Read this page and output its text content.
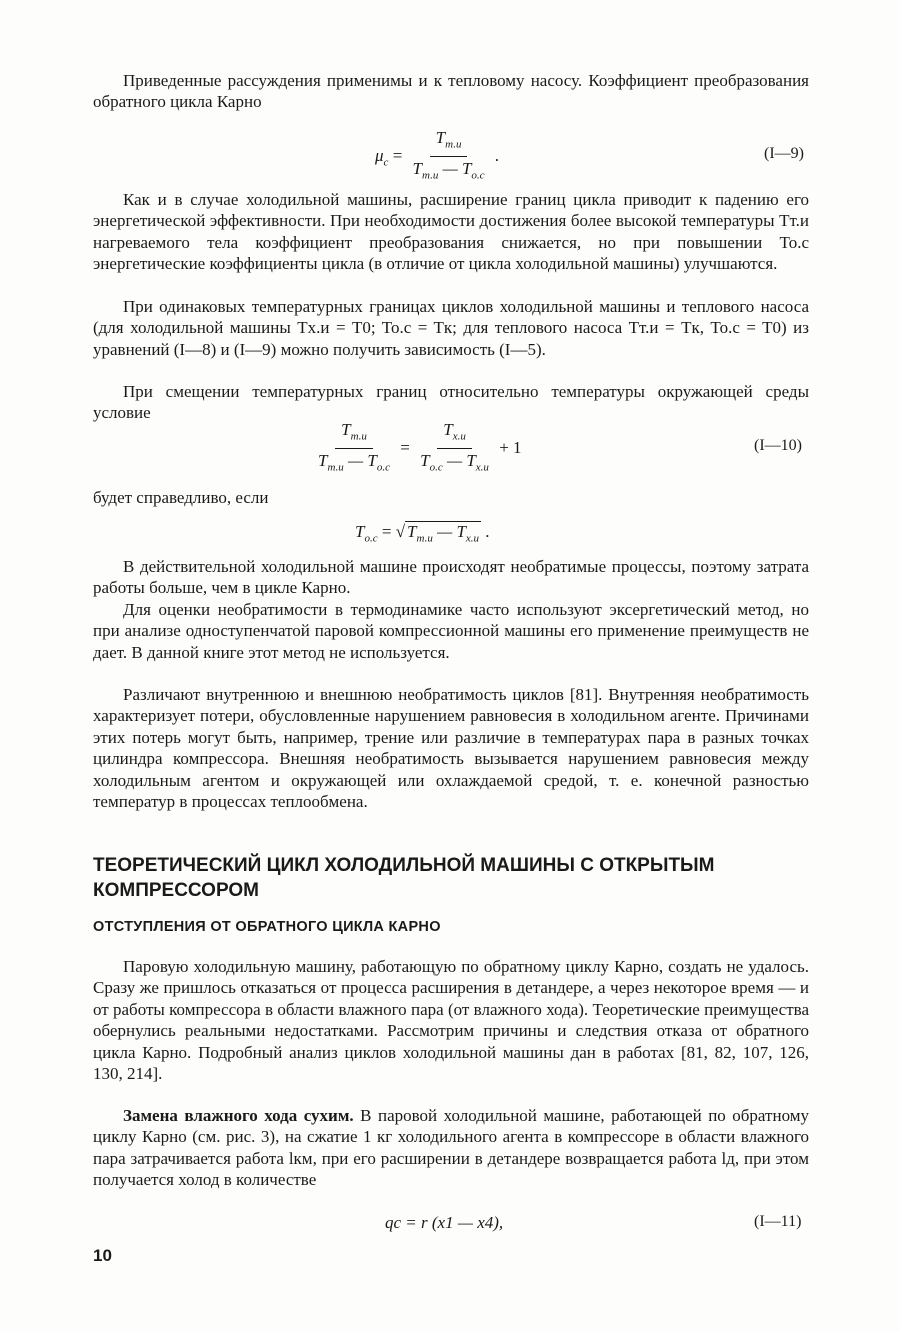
Приведенные рассуждения применимы и к тепловому насосу. Коэффициент преобразования обратного цикла Карно

$\mu_c = \frac{T_{т.и}}{T_{т.и} — T_{о.с}}$ .	(I—9)

Как и в случае холодильной машины, расширение границ цикла приводит к падению его энергетической эффективности. При необходимости достижения более высокой температуры Tт.и нагреваемого тела коэффициент преобразования снижается, но при повышении To.c энергетические коэффициенты цикла (в отличие от цикла холодильной машины) улучшаются.

При одинаковых температурных границах циклов холодильной машины и теплового насоса (для холодильной машины Tх.и = T0; To.c = Tк; для теплового насоса Tт.и = Tк, To.c = T0) из уравнений (I—8) и (I—9) можно получить зависимость (I—5).

При смещении температурных границ относительно температуры окружающей среды условие

$\frac{T_{т.и}}{T_{т.и} — T_{о.с}} = \frac{T_{х.и}}{T_{о.с} — T_{х.и}} + 1$	(I—10)

будет справедливо, если

$T_{о.с}$ = √ $T_{т.и}$ — $T_{х.и}$ .

В действительной холодильной машине происходят необратимые процессы, поэтому затрата работы больше, чем в цикле Карно.

Для оценки необратимости в термодинамике часто используют эксергетический метод, но при анализе одноступенчатой паровой компрессионной машины его применение преимуществ не дает. В данной книге этот метод не используется.

Различают внутреннюю и внешнюю необратимость циклов [81]. Внутренняя необратимость характеризует потери, обусловленные нарушением равновесия в холодильном агенте. Причинами этих потерь могут быть, например, трение или различие в температурах пара в разных точках цилиндра компрессора. Внешняя необратимость вызывается нарушением равновесия между холодильным агентом и окружающей или охлаждаемой средой, т. е. конечной разностью температур в процессах теплообмена.

ТЕОРЕТИЧЕСКИЙ ЦИКЛ ХОЛОДИЛЬНОЙ МАШИНЫ С ОТКРЫТЫМ КОМПРЕССОРОМ
ОТСТУПЛЕНИЯ ОТ ОБРАТНОГО ЦИКЛА КАРНО

Паровую холодильную машину, работающую по обратному циклу Карно, создать не удалось. Сразу же пришлось отказаться от процесса расширения в детандере, а через некоторое время — и от работы компрессора в области влажного пара (от влажного хода). Теоретические преимущества обернулись реальными недостатками. Рассмотрим причины и следствия отказа от обратного цикла Карно. Подробный анализ циклов холодильной машины дан в работах [81, 82, 107, 126, 130, 214].

Замена влажного хода сухим. В паровой холодильной машине, работающей по обратному циклу Карно (см. рис. 3), на сжатие 1 кг холодильного агента в компрессоре в области влажного пара затрачивается работа lкм, при его расширении в детандере возвращается работа lд, при этом получается холод в количестве

qc = r (x1 — x4),	(I—11)
10
